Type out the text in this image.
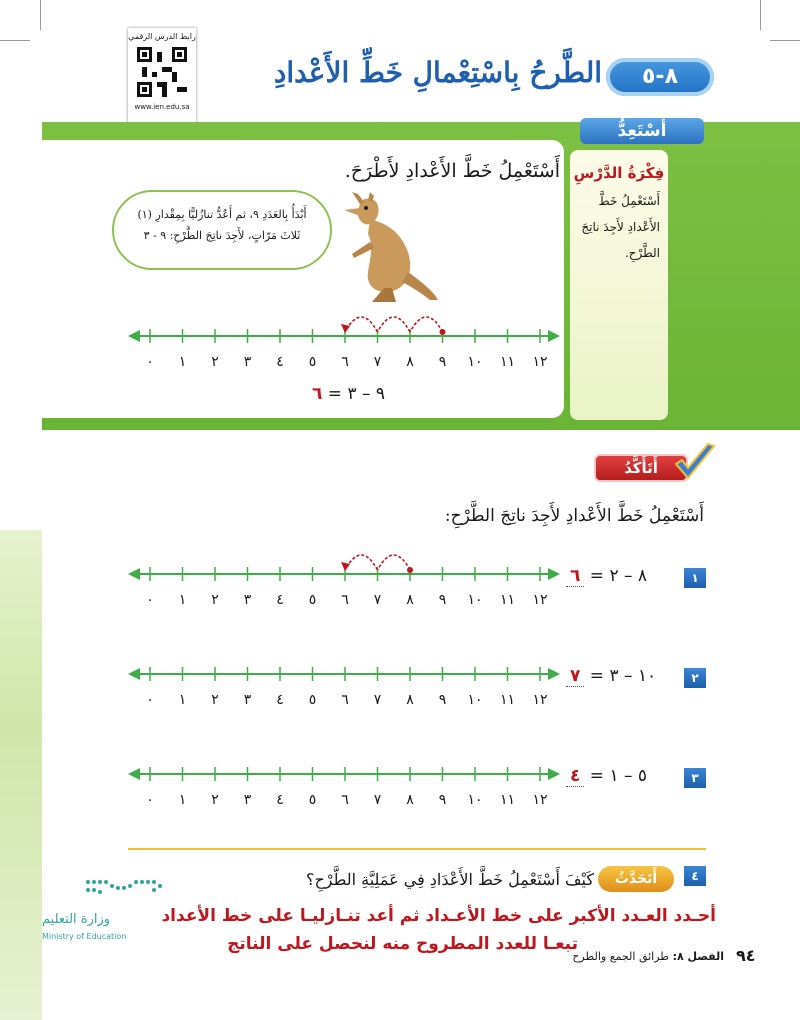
رابط الدرس الرقمي
www.ien.edu.sa
٨-٥
الطَّرحُ بِاسْتِعْمالِ خَطِّ الأَعْدادِ
أَسْتَعِدُّ
فِكْرَةُ الدَّرْسِ
أَسْتَعْمِلُ خَطَّ
الأَعْدادِ لأَجِدَ ناتِجَ
الطَّرْحِ.
أَسْتَعْمِلُ خَطَّ الأَعْدادِ لأَطْرَحَ.
أَبْدَأُ بِالعَدَدِ ٩، ثم أَعُدُّ تنازُليًّا بِمِقْدارِ (١)
ثَلاثَ مَرّاتٍ، لأَجِدَ ناتِجَ الطَّرْحِ: ٩ - ٣
٠ ١ ٢ ٣ ٤ ٥ ٦ ٧ ٨ ٩ ١٠ ١١ ١٢
٩ – ٣ = ٦
أَتَأَكَّدُ
أَسْتَعْمِلُ خَطَّ الأَعْدادِ لأَجِدَ ناتِجَ الطَّرْحِ:
١
٨ – ٢ = ٦
٠ ١ ٢ ٣ ٤ ٥ ٦ ٧ ٨ ٩ ١٠ ١١ ١٢
٢
١٠ – ٣ = ٧
٠ ١ ٢ ٣ ٤ ٥ ٦ ٧ ٨ ٩ ١٠ ١١ ١٢
٣
٥ – ١ = ٤
٠ ١ ٢ ٣ ٤ ٥ ٦ ٧ ٨ ٩ ١٠ ١١ ١٢
٤
أَتَحَدَّثُ
كَيْفَ أَسْتَعْمِلُ خَطَّ الأَعْدَادِ فِي عَمَلِيَّةِ الطَّرْحِ؟
أحـدد العـدد الأكبر على خط الأعـداد ثم أعد تنـازليـا على خط الأعداد
تبعـا للعدد المطروح منه لنحصل على الناتج
وزارة التعليم
Ministry of Education
الفصل ٨: طرائق الجمع والطرح	٩٤
